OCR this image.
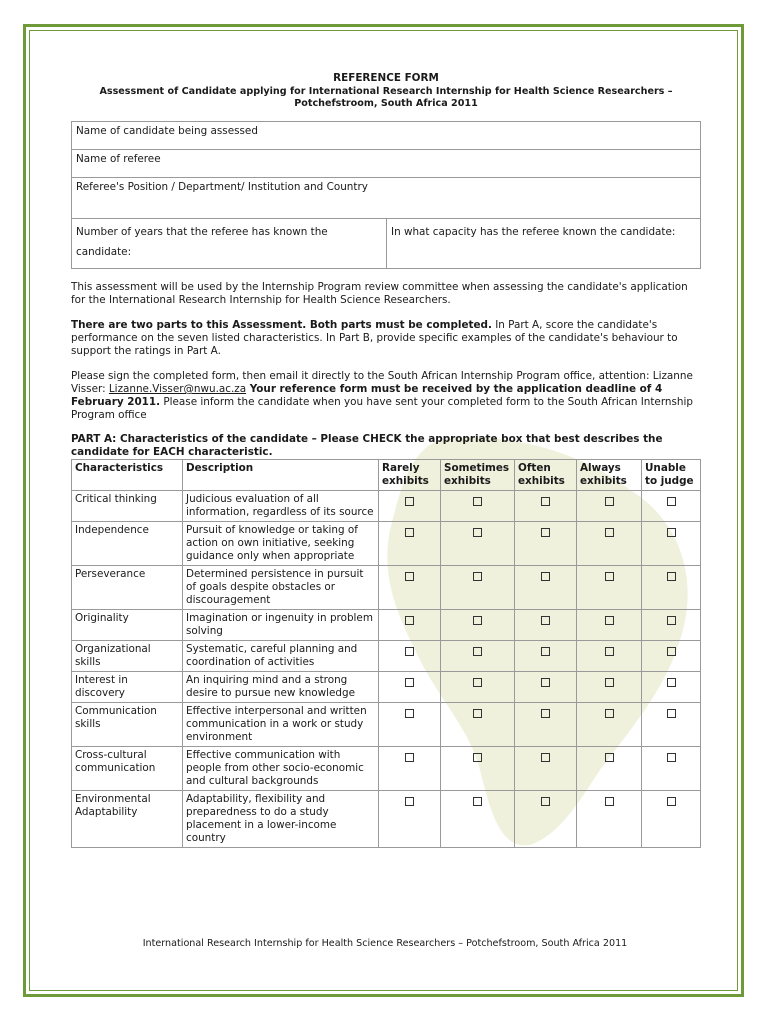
REFERENCE FORM
Assessment of Candidate applying for International Research Internship for Health Science Researchers –
Potchefstroom, South Africa 2011
Name of candidate being assessed
Name of referee
Referee's Position / Department/ Institution and Country

Number of years that the referee has known the
candidate:
	In what capacity has the referee known the candidate:
This assessment will be used by the Internship Program review committee when assessing the candidate's application for the International Research Internship for Health Science Researchers.
There are two parts to this Assessment. Both parts must be completed. In Part A, score the candidate's performance on the seven listed characteristics. In Part B, provide specific examples of the candidate's behaviour to support the ratings in Part A.
Please sign the completed form, then email it directly to the South African Internship Program office, attention: Lizanne Visser: Lizanne.Visser@nwu.ac.za Your reference form must be received by the application deadline of 4 February 2011. Please inform the candidate when you have sent your completed form to the South African Internship Program office
PART A: Characteristics of the candidate – Please CHECK the appropriate box that best describes the candidate for EACH characteristic.
Characteristics	Description	Rarely exhibits	Sometimes exhibits	Often exhibits	Always exhibits	Unable to judge
Critical thinking	Judicious evaluation of all information, regardless of its source					
Independence	Pursuit of knowledge or taking of action on own initiative, seeking guidance only when appropriate					
Perseverance	Determined persistence in pursuit of goals despite obstacles or discouragement					
Originality	Imagination or ingenuity in problem solving					
Organizational skills	Systematic, careful planning and coordination of activities					
Interest in discovery	An inquiring mind and a strong desire to pursue new knowledge					
Communication skills	Effective interpersonal and written communication in a work or study environment					
Cross-cultural communication	Effective communication with people from other socio-economic and cultural backgrounds					
Environmental Adaptability	Adaptability, flexibility and preparedness to do a study placement in a lower-income country					
International Research Internship for Health Science Researchers – Potchefstroom, South Africa 2011
